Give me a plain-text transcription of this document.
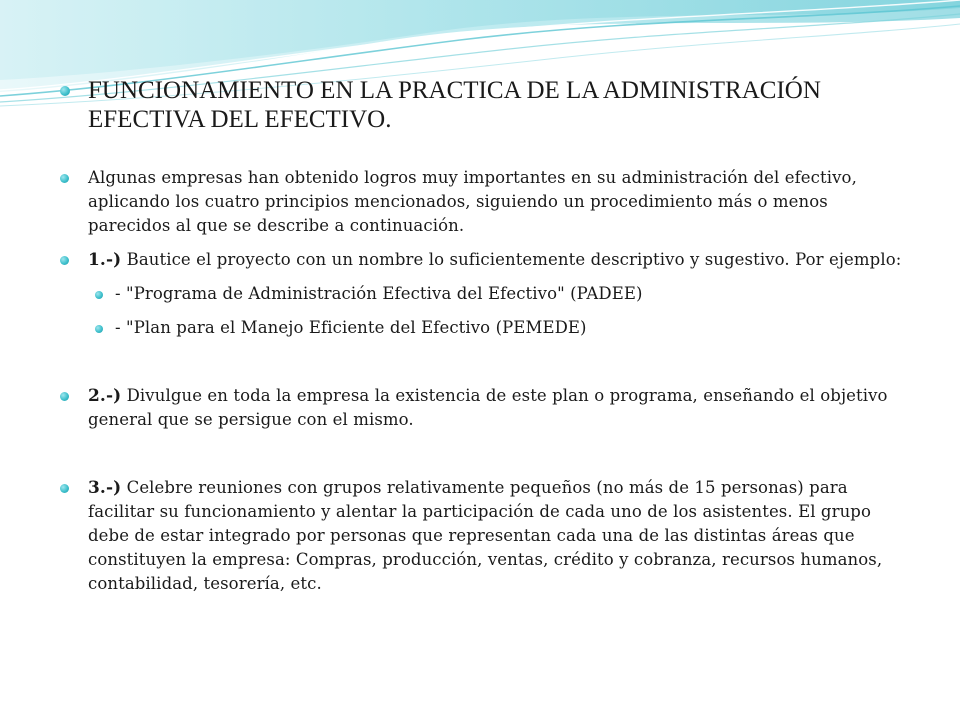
FUNCIONAMIENTO EN LA PRACTICA DE LA ADMINISTRACIÓN EFECTIVA DEL EFECTIVO.
Algunas empresas han obtenido logros muy importantes en su administración del efectivo, aplicando los cuatro principios mencionados, siguiendo un procedimiento más o menos parecidos al que se describe a continuación.
1.-) Bautice el proyecto con un nombre lo suficientemente descriptivo y sugestivo. Por ejemplo:
- "Programa de Administración Efectiva del Efectivo" (PADEE)
- "Plan para el Manejo Eficiente del Efectivo (PEMEDE)
2.-) Divulgue en toda la empresa la existencia de este plan o programa, enseñando el objetivo general que se persigue con el mismo.
3.-) Celebre reuniones con grupos relativamente pequeños (no más de 15 personas) para facilitar su funcionamiento y alentar la participación de cada uno de los asistentes. El grupo debe de estar integrado por personas que representan cada una de las distintas áreas que constituyen la empresa: Compras, producción, ventas, crédito y cobranza, recursos humanos, contabilidad, tesorería, etc.
